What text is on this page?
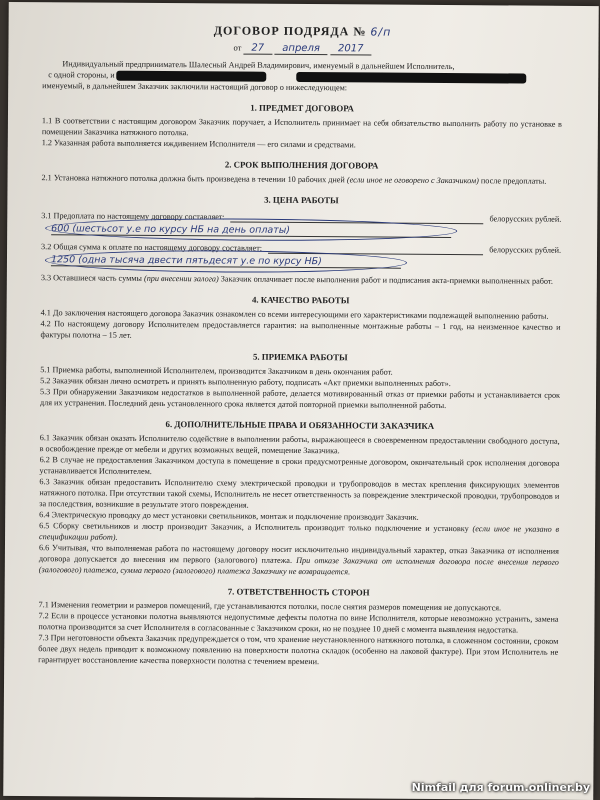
ДОГОВОР ПОДРЯДА № 6/п
от 27 апреля 2017

Индивидуальный предприниматель Шалесный Андрей Владимирович, именуемый в дальнейшем Исполнитель,

с одной стороны, и

именуемый, в дальнейшем Заказчик заключили настоящий договор о нижеследующем:

1. ПРЕДМЕТ ДОГОВОРА

1.1 В соответствии с настоящим договором Заказчик поручает, а Исполнитель принимает на себя обязательство выполнить работу по установке в помещении Заказчика натяжного потолка.

1.2 Указанная работа выполняется иждивением Исполнителя — его силами и средствами.

2. СРОК ВЫПОЛНЕНИЯ ДОГОВОРА

2.1 Установка натяжного потолка должна быть произведена в течении 10 рабочих дней (если иное не оговорено с Заказчиком) после предоплаты.

3. ЦЕНА РАБОТЫ
3.1 Предоплата по настоящему договору составляет:	белорусских рублей.
600 (шестьсот у.е по курсу НБ на день оплаты)
3.2 Общая сумма к оплате по настоящему договору составляет:	белорусских рублей.
1250 (одна тысяча двести пятьдесят у.е по курсу НБ)

3.3 Оставшиеся часть суммы (при внесении залога) Заказчик оплачивает после выполнения работ и подписания акта-приемки выполненных работ.

4. КАЧЕСТВО РАБОТЫ

4.1 До заключения настоящего договора Заказчик ознакомлен со всеми интересующими его характеристиками подлежащей выполнению работы.

4.2 По настоящему договору Исполнителем предоставляется гарантия: на выполненные монтажные работы – 1 год, на неизменное качество и фактуры полотна – 15 лет.

5. ПРИЕМКА РАБОТЫ

5.1 Приемка работы, выполненной Исполнителем, производится Заказчиком в день окончания работ.

5.2 Заказчик обязан лично осмотреть и принять выполненную работу, подписать «Акт приемки выполненных работ».

5.3 При обнаружении Заказчиком недостатков в выполненной работе, делается мотивированный отказ от приемки работы и устанавливается срок для их устранения. Последний день установленного срока является датой повторной приемки выполненной работы.

6. ДОПОЛНИТЕЛЬНЫЕ ПРАВА И ОБЯЗАННОСТИ ЗАКАЗЧИКА

6.1 Заказчик обязан оказать Исполнителю содействие в выполнении работы, выражающееся в своевременном предоставлении свободного доступа, в освобождение прежде от мебели и других возможных вещей, помещение Заказчика.

6.2 В случае не предоставления Заказчиком доступа в помещение в сроки предусмотренные договором, окончательный срок исполнения договора устанавливается Исполнителем.

6.3 Заказчик обязан предоставить Исполнителю схему электрической проводки и трубопроводов в местах крепления фиксирующих элементов натяжного потолка. При отсутствии такой схемы, Исполнитель не несет ответственность за повреждение электрической проводки, трубопроводов и за последствия, возникшие в результате этого повреждения.

6.4 Электрическую проводку до мест установки светильников, монтаж и подключение производит Заказчик.

6.5 Сборку светильников и люстр производит Заказчик, а Исполнитель производит только подключение и установку (если иное не указано в спецификации работ).

6.6 Учитывая, что выполняемая работа по настоящему договору носит исключительно индивидуальный характер, отказ Заказчика от исполнения договора допускается до внесения им первого (залогового) платежа. При отказе Заказчика от исполнения договора после внесения первого (залогового) платежа, сумма первого (залогового) платежа Заказчику не возвращается.

7. ОТВЕТСТВЕННОСТЬ СТОРОН

7.1 Изменения геометрии и размеров помещений, где устанавливаются потолки, после снятия размеров помещения не допускаются.

7.2 Если в процессе установки полотна выявляются недопустимые дефекты полотна по вине Исполнителя, которые невозможно устранить, замена полотна производится за счет Исполнителя в согласованные с Заказчиком сроки, но не позднее 10 дней с момента выявления недостатка.

7.3 При неготовности объекта Заказчик предупреждается о том, что хранение неустановленного натяжного потолка, в сложенном состоянии, сроком более двух недель приводит к возможному появлению на поверхности полотна складок (особенно на лаковой фактуре). При этом Исполнитель не гарантирует восстановление качества поверхности полотна с течением времени.

Nimfail для forum.onliner.by
